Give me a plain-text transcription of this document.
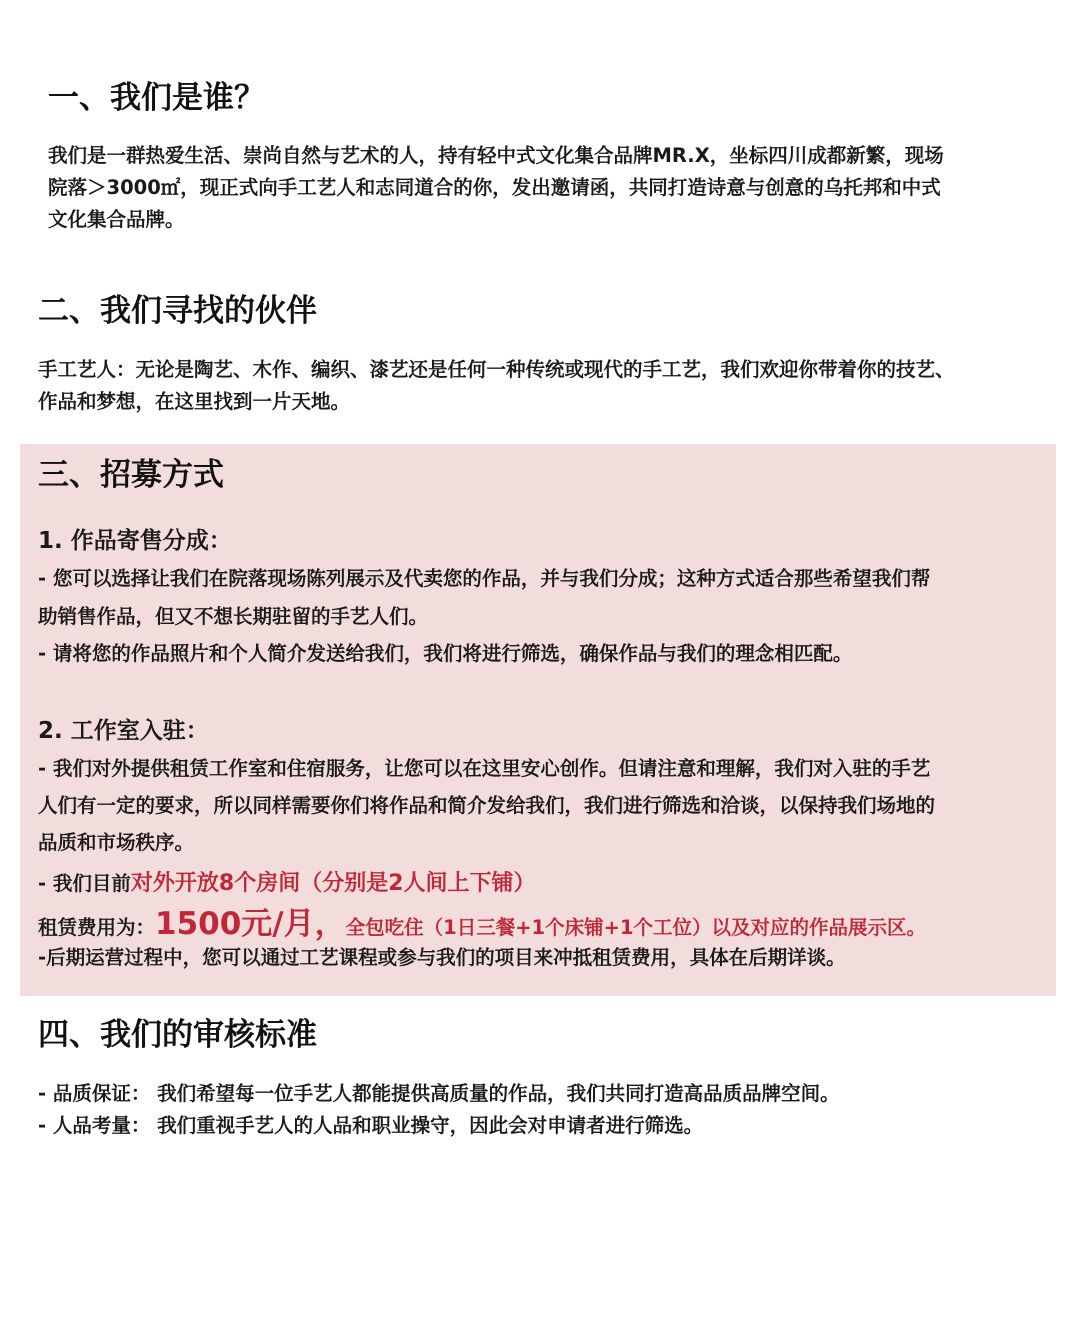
一、我们是谁？
我们是一群热爱生活、崇尚自然与艺术的人，持有轻中式文化集合品牌MR.X，坐标四川成都新繁，现场
院落＞3000㎡，现正式向手工艺人和志同道合的你，发出邀请函，共同打造诗意与创意的乌托邦和中式
文化集合品牌。
二、我们寻找的伙伴
手工艺人：无论是陶艺、木作、编织、漆艺还是任何一种传统或现代的手工艺，我们欢迎你带着你的技艺、
作品和梦想，在这里找到一片天地。
三、招募方式
1. 作品寄售分成：
- 您可以选择让我们在院落现场陈列展示及代卖您的作品，并与我们分成；这种方式适合那些希望我们帮
助销售作品，但又不想长期驻留的手艺人们。
- 请将您的作品照片和个人简介发送给我们，我们将进行筛选，确保作品与我们的理念相匹配。
2. 工作室入驻：
- 我们对外提供租赁工作室和住宿服务，让您可以在这里安心创作。但请注意和理解，我们对入驻的手艺
人们有一定的要求，所以同样需要你们将作品和简介发给我们，我们进行筛选和洽谈，以保持我们场地的
品质和市场秩序。
- 我们目前对外开放8个房间（分别是2人间上下铺）
租赁费用为：1500元/月，全包吃住（1日三餐+1个床铺+1个工位）以及对应的作品展示区。
-后期运营过程中，您可以通过工艺课程或参与我们的项目来冲抵租赁费用，具体在后期详谈。
四、我们的审核标准
- 品质保证： 我们希望每一位手艺人都能提供高质量的作品，我们共同打造高品质品牌空间。
- 人品考量： 我们重视手艺人的人品和职业操守，因此会对申请者进行筛选。
